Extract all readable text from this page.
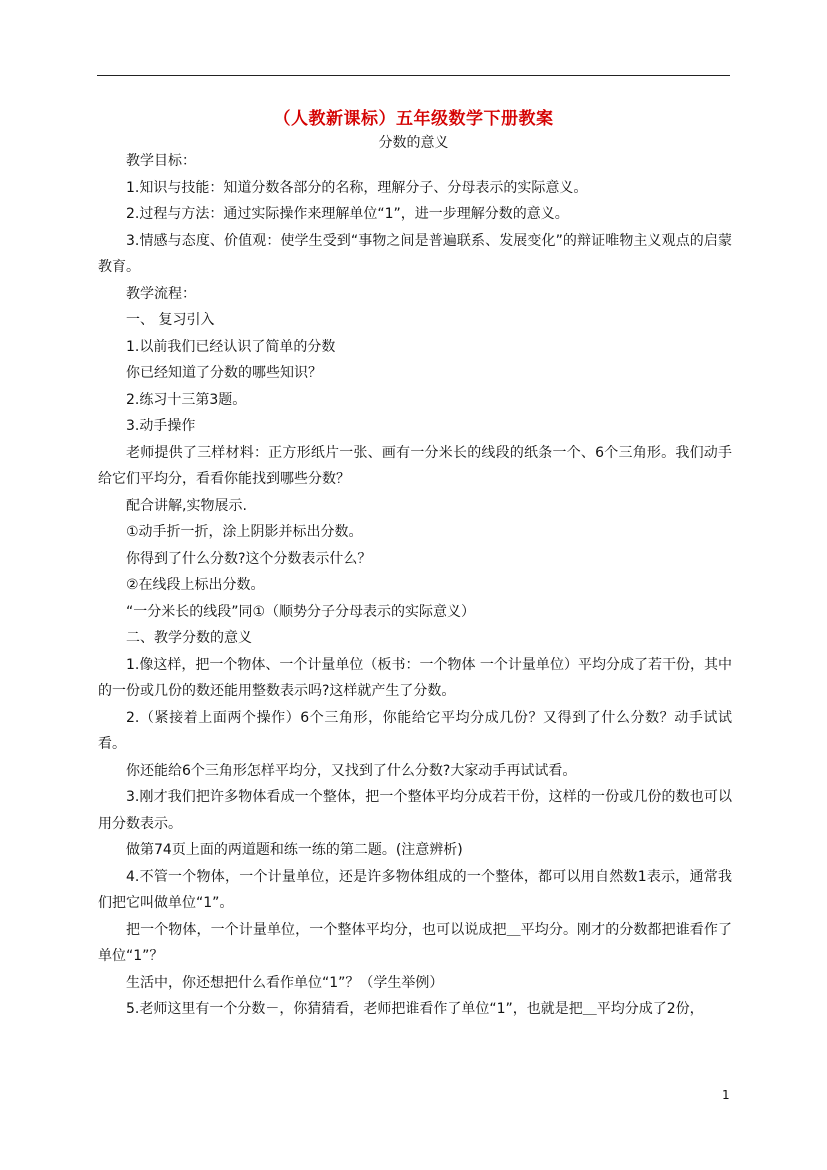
（人教新课标）五年级数学下册教案
分数的意义

教学目标：

1.知识与技能：知道分数各部分的名称，理解分子、分母表示的实际意义。

2.过程与方法：通过实际操作来理解单位“1”，进一步理解分数的意义。

3.情感与态度、价值观：使学生受到“事物之间是普遍联系、发展变化”的辩证唯物主义观点的启蒙教育。

教学流程：

一、 复习引入

1.以前我们已经认识了简单的分数

你已经知道了分数的哪些知识？

2.练习十三第3题。

3.动手操作

老师提供了三样材料：正方形纸片一张、画有一分米长的线段的纸条一个、6个三角形。我们动手给它们平均分，看看你能找到哪些分数？

配合讲解,实物展示.

①动手折一折，涂上阴影并标出分数。

你得到了什么分数?这个分数表示什么？

②在线段上标出分数。

“一分米长的线段”同①（顺势分子分母表示的实际意义）

二、教学分数的意义

1.像这样，把一个物体、一个计量单位（板书：一个物体 一个计量单位）平均分成了若干份，其中的一份或几份的数还能用整数表示吗?这样就产生了分数。

2.（紧接着上面两个操作）6个三角形，你能给它平均分成几份？又得到了什么分数？动手试试看。

你还能给6个三角形怎样平均分，又找到了什么分数?大家动手再试试看。

3.刚才我们把许多物体看成一个整体，把一个整体平均分成若干份，这样的一份或几份的数也可以用分数表示。

做第74页上面的两道题和练一练的第二题。(注意辨析)

4.不管一个物体，一个计量单位，还是许多物体组成的一个整体，都可以用自然数1表示，通常我们把它叫做单位“1”。

把一个物体，一个计量单位，一个整体平均分，也可以说成把＿平均分。刚才的分数都把谁看作了单位“1”？

生活中，你还想把什么看作单位“1”？（学生举例）

5.老师这里有一个分数－，你猜猜看，老师把谁看作了单位“1”，也就是把＿平均分成了2份，

1
